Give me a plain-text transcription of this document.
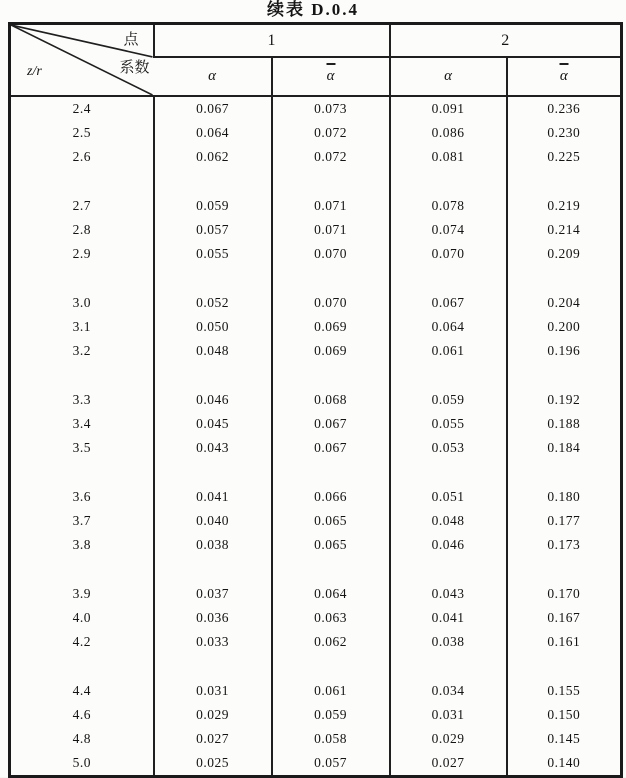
续表 D.0.4
点
系数
z/r	1		2	
	α	α	α	α
2.4	0.067	0.073	0.091	0.236
2.5	0.064	0.072	0.086	0.230
2.6	0.062	0.072	0.081	0.225

2.7	0.059	0.071	0.078	0.219
2.8	0.057	0.071	0.074	0.214
2.9	0.055	0.070	0.070	0.209

3.0	0.052	0.070	0.067	0.204
3.1	0.050	0.069	0.064	0.200
3.2	0.048	0.069	0.061	0.196

3.3	0.046	0.068	0.059	0.192
3.4	0.045	0.067	0.055	0.188
3.5	0.043	0.067	0.053	0.184

3.6	0.041	0.066	0.051	0.180
3.7	0.040	0.065	0.048	0.177
3.8	0.038	0.065	0.046	0.173

3.9	0.037	0.064	0.043	0.170
4.0	0.036	0.063	0.041	0.167
4.2	0.033	0.062	0.038	0.161

4.4	0.031	0.061	0.034	0.155
4.6	0.029	0.059	0.031	0.150
4.8	0.027	0.058	0.029	0.145
5.0	0.025	0.057	0.027	0.140
